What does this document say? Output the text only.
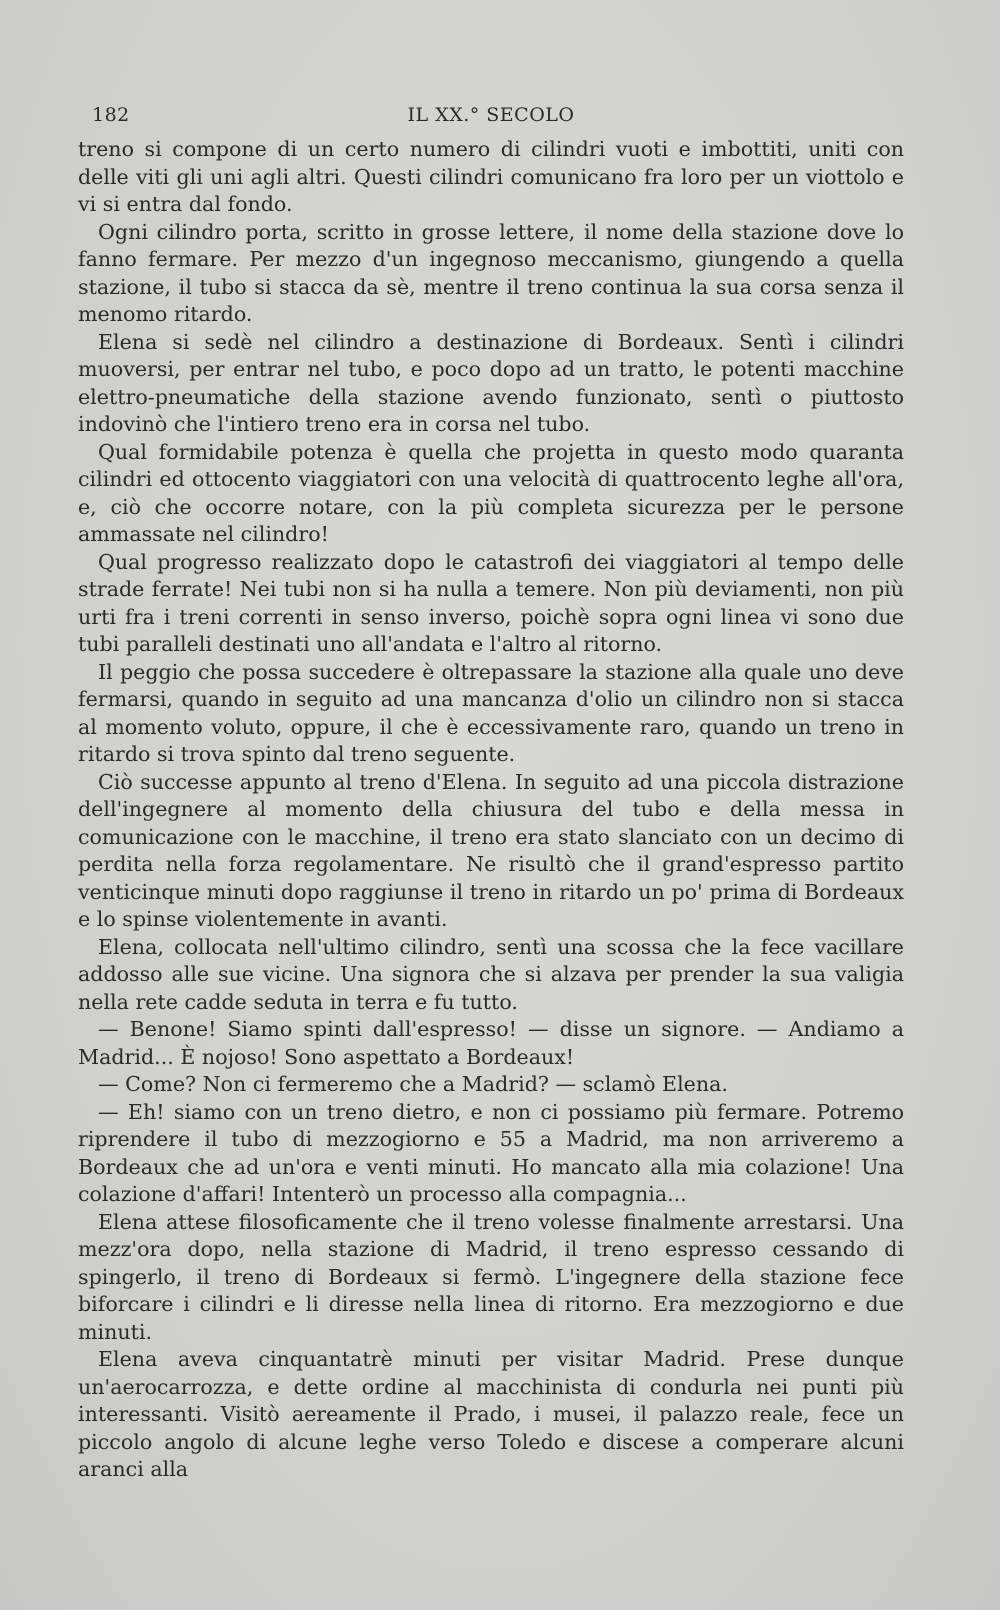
182	IL XX.° SECOLO

treno si compone di un certo numero di cilindri vuoti e imbottiti, uniti con delle viti gli uni agli altri. Questi cilindri comunicano fra loro per un viottolo e vi si entra dal fondo.

Ogni cilindro porta, scritto in grosse lettere, il nome della stazione dove lo fanno fermare. Per mezzo d'un ingegnoso meccanismo, giungendo a quella stazione, il tubo si stacca da sè, mentre il treno continua la sua corsa senza il menomo ritardo.

Elena si sedè nel cilindro a destinazione di Bordeaux. Sentì i cilindri muoversi, per entrar nel tubo, e poco dopo ad un tratto, le potenti macchine elettro-pneumatiche della stazione avendo funzionato, sentì o piuttosto indovinò che l'intiero treno era in corsa nel tubo.

Qual formidabile potenza è quella che projetta in questo modo quaranta cilindri ed ottocento viaggiatori con una velocità di quattrocento leghe all'ora, e, ciò che occorre notare, con la più completa sicurezza per le persone ammassate nel cilindro!

Qual progresso realizzato dopo le catastrofi dei viaggiatori al tempo delle strade ferrate! Nei tubi non si ha nulla a temere. Non più deviamenti, non più urti fra i treni correnti in senso inverso, poichè sopra ogni linea vi sono due tubi paralleli destinati uno all'andata e l'altro al ritorno.

Il peggio che possa succedere è oltrepassare la stazione alla quale uno deve fermarsi, quando in seguito ad una mancanza d'olio un cilindro non si stacca al momento voluto, oppure, il che è eccessivamente raro, quando un treno in ritardo si trova spinto dal treno seguente.

Ciò successe appunto al treno d'Elena. In seguito ad una piccola distrazione dell'ingegnere al momento della chiusura del tubo e della messa in comunicazione con le macchine, il treno era stato slanciato con un decimo di perdita nella forza regolamentare. Ne risultò che il grand'espresso partito venticinque minuti dopo raggiunse il treno in ritardo un po' prima di Bordeaux e lo spinse violentemente in avanti.

Elena, collocata nell'ultimo cilindro, sentì una scossa che la fece vacillare addosso alle sue vicine. Una signora che si alzava per prender la sua valigia nella rete cadde seduta in terra e fu tutto.

— Benone! Siamo spinti dall'espresso! — disse un signore. — Andiamo a Madrid... È nojoso! Sono aspettato a Bordeaux!

— Come? Non ci fermeremo che a Madrid? — sclamò Elena.

— Eh! siamo con un treno dietro, e non ci possiamo più fermare. Potremo riprendere il tubo di mezzogiorno e 55 a Madrid, ma non arriveremo a Bordeaux che ad un'ora e venti minuti. Ho mancato alla mia colazione! Una colazione d'affari! Intenterò un processo alla compagnia...

Elena attese filosoficamente che il treno volesse finalmente arrestarsi. Una mezz'ora dopo, nella stazione di Madrid, il treno espresso cessando di spingerlo, il treno di Bordeaux si fermò. L'ingegnere della stazione fece biforcare i cilindri e li diresse nella linea di ritorno. Era mezzogiorno e due minuti.

Elena aveva cinquantatrè minuti per visitar Madrid. Prese dunque un'aerocarrozza, e dette ordine al macchinista di condurla nei punti più interessanti. Visitò aereamente il Prado, i musei, il palazzo reale, fece un piccolo angolo di alcune leghe verso Toledo e discese a comperare alcuni aranci alla
